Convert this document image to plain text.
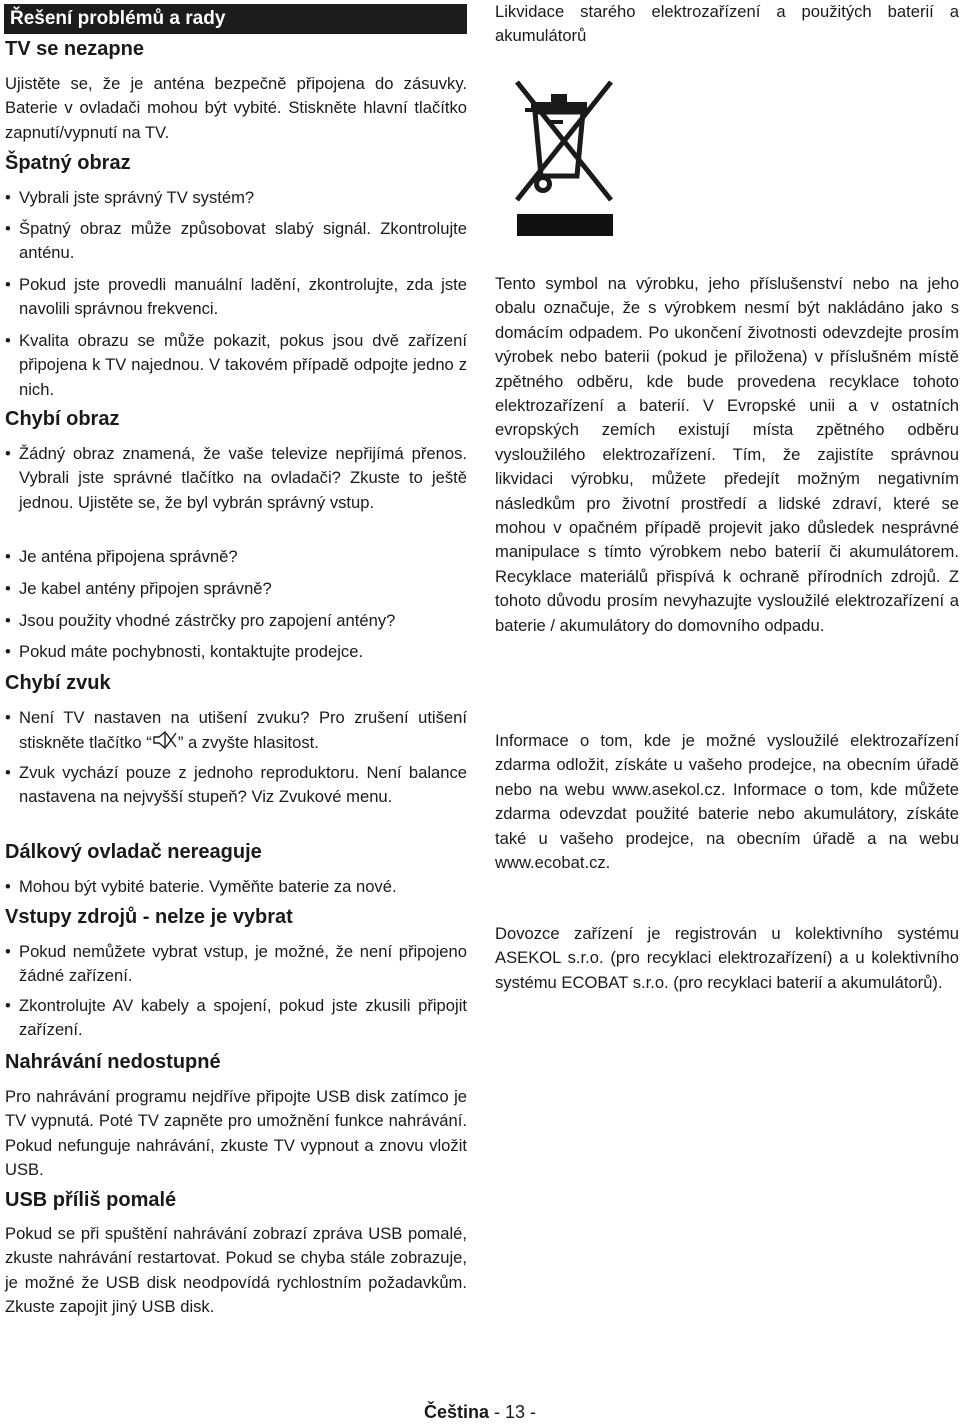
Řešení problémů a rady
TV se nezapne

Ujistěte se, že je anténa bezpečně připojena do zásuvky. Baterie v ovladači mohou být vybité. Stiskněte hlavní tlačítko zapnutí/vypnutí na TV.

Špatný obraz

• Vybrali jste správný TV systém?

• Špatný obraz může způsobovat slabý signál. Zkontrolujte anténu.

• Pokud jste provedli manuální ladění, zkontrolujte, zda jste navolili správnou frekvenci.

• Kvalita obrazu se může pokazit, pokus jsou dvě zařízení připojena k TV najednou. V takovém případě odpojte jedno z nich.

Chybí obraz

• Žádný obraz znamená, že vaše televize nepřijímá přenos. Vybrali jste správné tlačítko na ovladači? Zkuste to ještě jednou. Ujistěte se, že byl vybrán správný vstup.

• Je anténa připojena správně?

• Je kabel antény připojen správně?

• Jsou použity vhodné zástrčky pro zapojení antény?

• Pokud máte pochybnosti, kontaktujte prodejce.

Chybí zvuk

• Není TV nastaven na utišení zvuku? Pro zrušení utišení stiskněte tlačítko “ ” a zvyšte hlasitost.

• Zvuk vychází pouze z jednoho reproduktoru. Není balance nastavena na nejvyšší stupeň? Viz Zvukové menu.

Dálkový ovladač nereaguje

• Mohou být vybité baterie. Vyměňte baterie za nové.

Vstupy zdrojů - nelze je vybrat

• Pokud nemůžete vybrat vstup, je možné, že není připojeno žádné zařízení.

• Zkontrolujte AV kabely a spojení, pokud jste zkusili připojit zařízení.

Nahrávání nedostupné

Pro nahrávání programu nejdříve připojte USB disk zatímco je TV vypnutá. Poté TV zapněte pro umožnění funkce nahrávání. Pokud nefunguje nahrávání, zkuste TV vypnout a znovu vložit USB.

USB příliš pomalé

Pokud se při spuštění nahrávání zobrazí zpráva USB pomalé, zkuste nahrávání restartovat. Pokud se chyba stále zobrazuje, je možné že USB disk neodpovídá rychlostním požadavkům. Zkuste zapojit jiný USB disk.

Likvidace starého elektrozařízení a použitých baterií a akumulátorů

Tento symbol na výrobku, jeho příslušenství nebo na jeho obalu označuje, že s výrobkem nesmí být nakládáno jako s domácím odpadem. Po ukončení životnosti odevzdejte prosím výrobek nebo baterii (pokud je přiložena) v příslušném místě zpětného odběru, kde bude provedena recyklace tohoto elektrozařízení a baterií. V Evropské unii a v ostatních evropských zemích existují místa zpětného odběru vysloužilého elektrozařízení. Tím, že zajistíte správnou likvidaci výrobku, můžete předejít možným negativním následkům pro životní prostředí a lidské zdraví, které se mohou v opačném případě projevit jako důsledek nesprávné manipulace s tímto výrobkem nebo baterií či akumulátorem. Recyklace materiálů přispívá k ochraně přírodních zdrojů. Z tohoto důvodu prosím nevyhazujte vysloužilé elektrozařízení a baterie / akumulátory do domovního odpadu.

Informace o tom, kde je možné vysloužilé elektrozařízení zdarma odložit, získáte u vašeho prodejce, na obecním úřadě nebo na webu www.asekol.cz. Informace o tom, kde můžete zdarma odevzdat použité baterie nebo akumulátory, získáte také u vašeho prodejce, na obecním úřadě a na webu www.ecobat.cz.

Dovozce zařízení je registrován u kolektivního systému ASEKOL s.r.o. (pro recyklaci elektrozařízení) a u kolektivního systému ECOBAT s.r.o. (pro recyklaci baterií a akumulátorů).

Čeština - 13 -
